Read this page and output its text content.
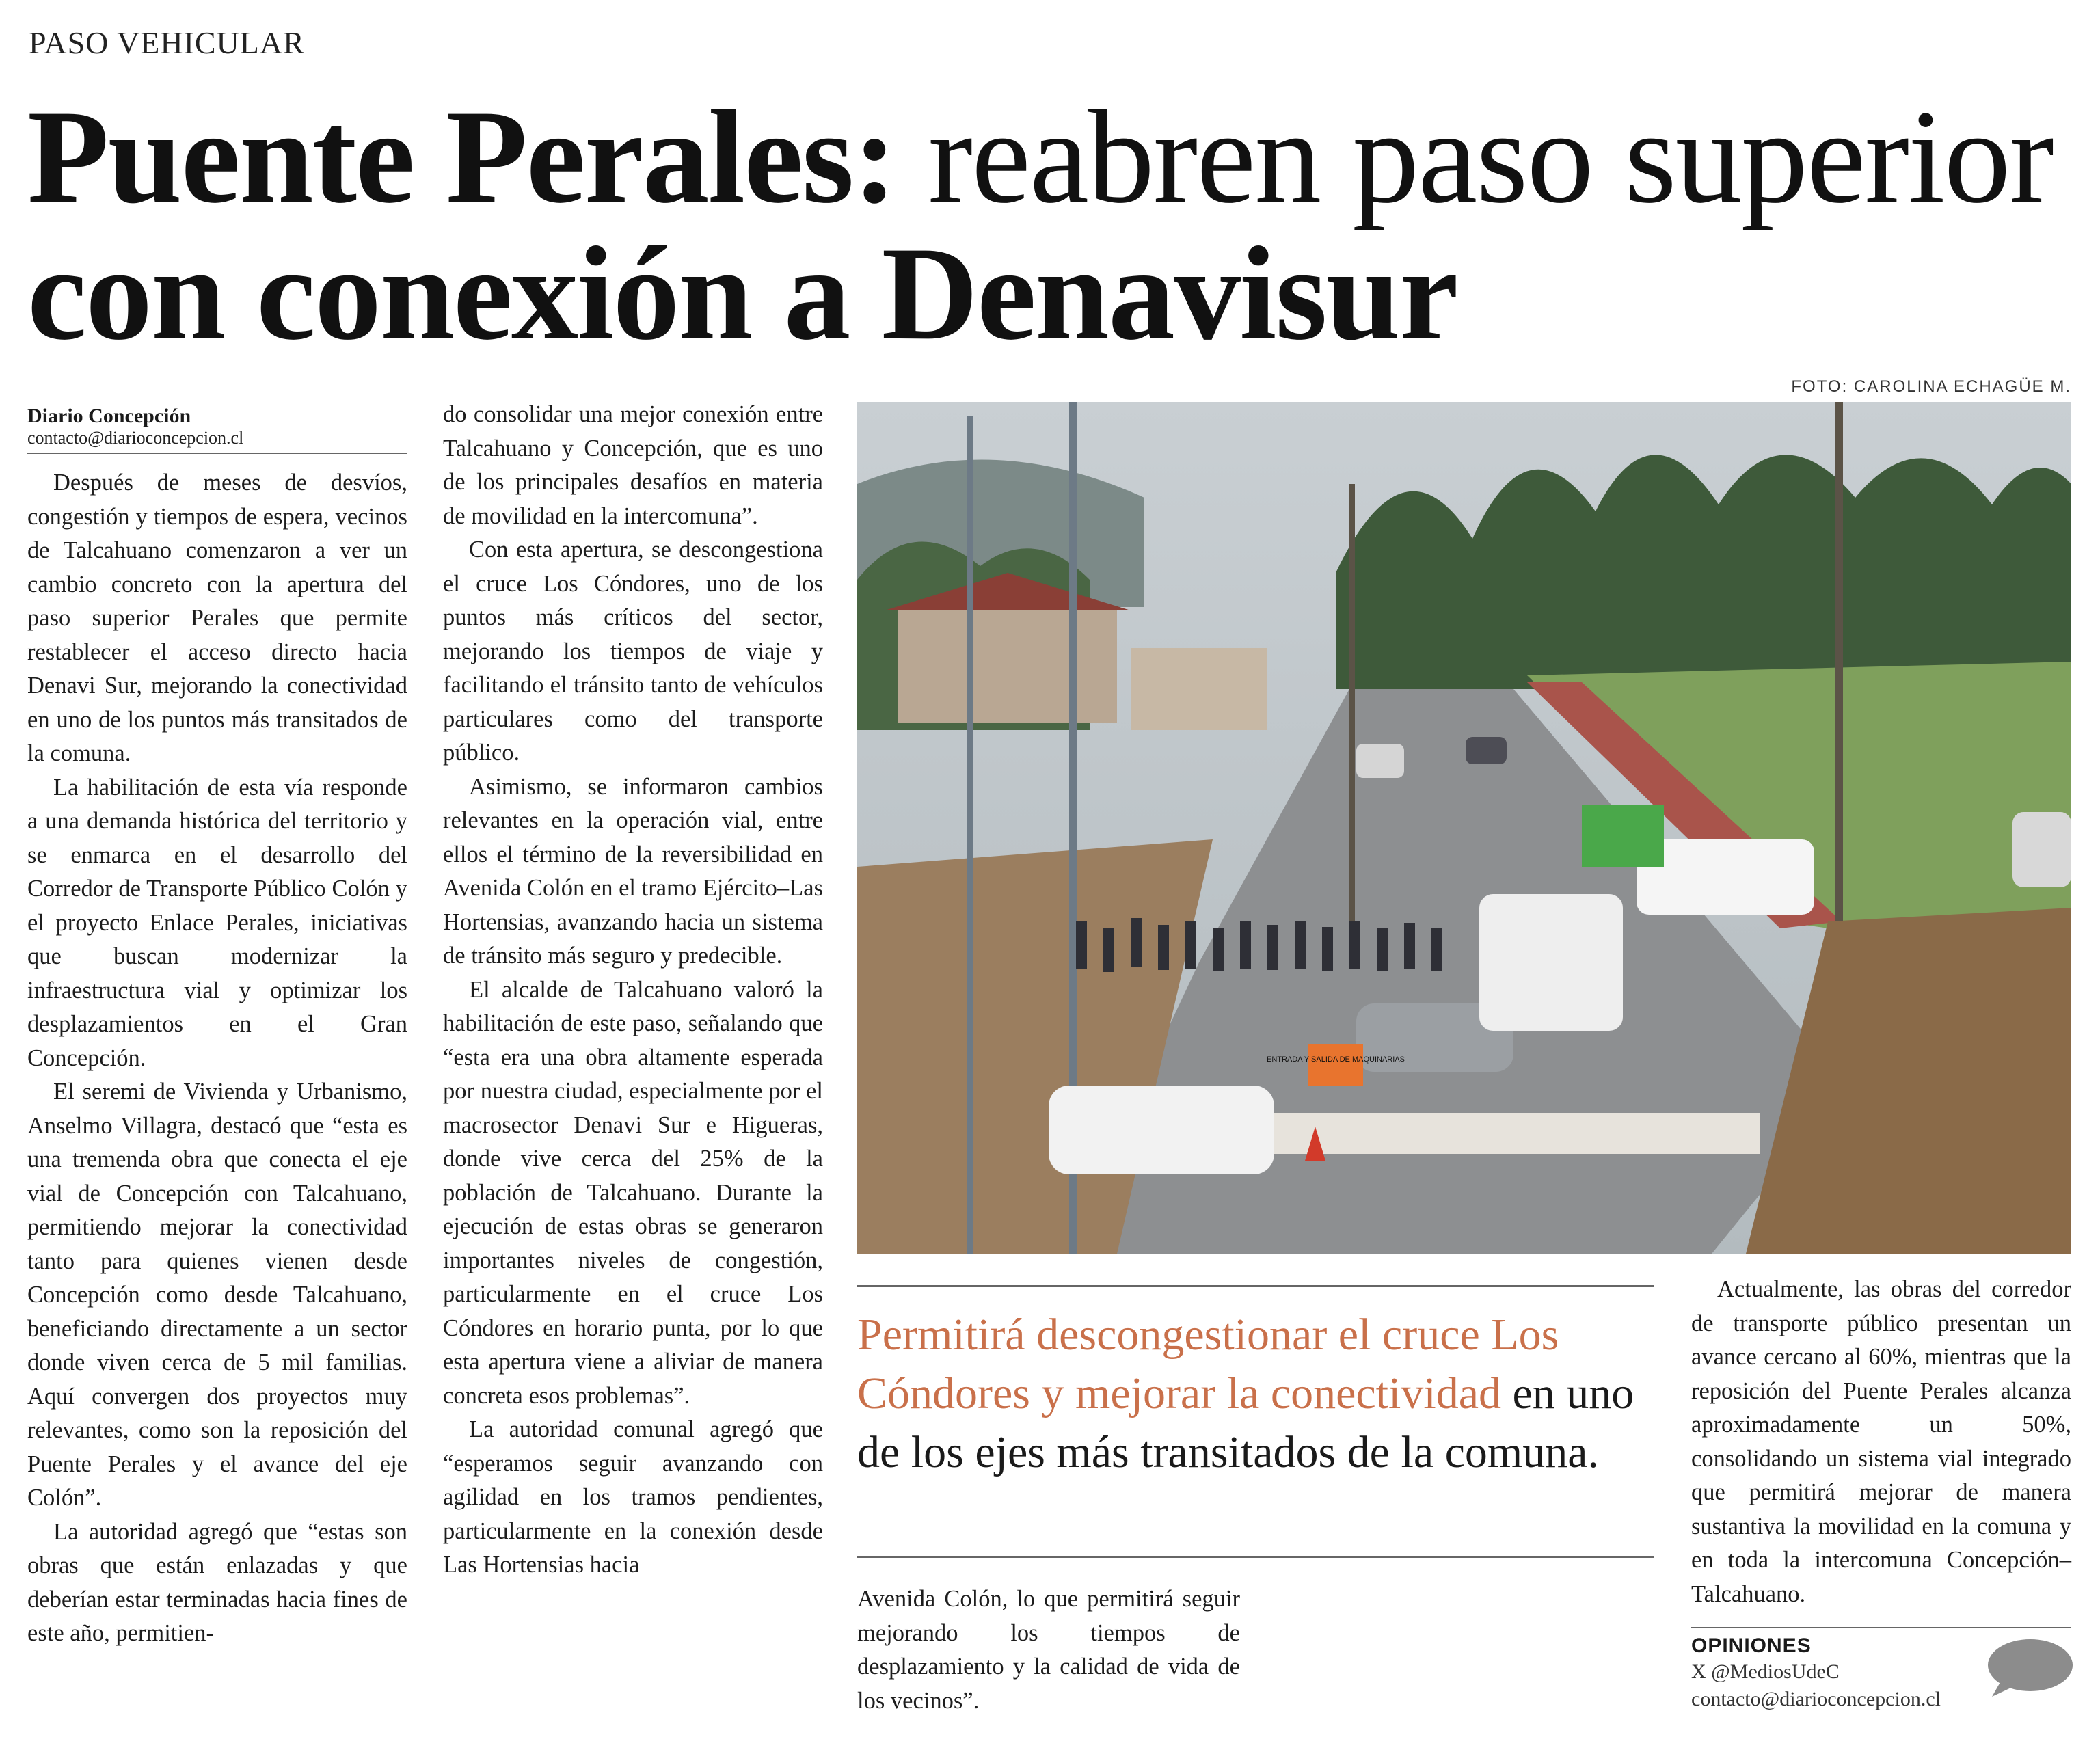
PASO VEHICULAR
Puente Perales: reabren paso superior
con conexión a Denavisur
FOTO: CAROLINA ECHAGÜE M.
Diario Concepción
contacto@diarioconcepcion.cl

Después de meses de desvíos, congestión y tiempos de espera, vecinos de Talcahuano comenzaron a ver un cambio concreto con la apertura del paso superior Perales que permite restablecer el acceso directo hacia Denavi Sur, mejorando la conectividad en uno de los puntos más transitados de la comuna.

La habilitación de esta vía responde a una demanda histórica del territorio y se enmarca en el desarrollo del Corredor de Transporte Público Colón y el proyecto Enlace Perales, iniciativas que buscan modernizar la infraestructura vial y optimizar los desplazamientos en el Gran Concepción.

El seremi de Vivienda y Urbanismo, Anselmo Villagra, destacó que “esta es una tremenda obra que conecta el eje vial de Concepción con Talcahuano, permitiendo mejorar la conectividad tanto para quienes vienen desde Concepción como desde Talcahuano, beneficiando directamente a un sector donde viven cerca de 5 mil familias. Aquí convergen dos proyectos muy relevantes, como son la reposición del Puente Perales y el avance del eje Colón”.

La autoridad agregó que “estas son obras que están enlazadas y que deberían estar terminadas hacia fines de este año, permitien-

do consolidar una mejor conexión entre Talcahuano y Concepción, que es uno de los principales desafíos en materia de movilidad en la intercomuna”.

Con esta apertura, se descongestiona el cruce Los Cóndores, uno de los puntos más críticos del sector, mejorando los tiempos de viaje y facilitando el tránsito tanto de vehículos particulares como del transporte público.

Asimismo, se informaron cambios relevantes en la operación vial, entre ellos el término de la reversibilidad en Avenida Colón en el tramo Ejército–Las Hortensias, avanzando hacia un sistema de tránsito más seguro y predecible.

El alcalde de Talcahuano valoró la habilitación de este paso, señalando que “esta era una obra altamente esperada por nuestra ciudad, especialmente por el macrosector Denavi Sur e Higueras, donde vive cerca del 25% de la población de Talcahuano. Durante la ejecución de estas obras se generaron importantes niveles de congestión, particularmente en el cruce Los Cóndores en horario punta, por lo que esta apertura viene a aliviar de manera concreta esos problemas”.

La autoridad comunal agregó que “esperamos seguir avanzando con agilidad en los tramos pendientes, particularmente en la conexión desde Las Hortensias hacia

ENTRADA Y SALIDA DE MAQUINARIAS
Permitirá descongestionar el cruce Los Cóndores y mejorar la conectividad en uno de los ejes más transitados de la comuna.

Avenida Colón, lo que permitirá seguir mejorando los tiempos de desplazamiento y la calidad de vida de los vecinos”.

Actualmente, las obras del corredor de transporte público presentan un avance cercano al 60%, mientras que la reposición del Puente Perales alcanza aproximadamente un 50%, consolidando un sistema vial integrado que permitirá mejorar de manera sustantiva la movilidad en la comuna y en toda la intercomuna Concepción–Talcahuano.

OPINIONES
X @MediosUdeC
contacto@diarioconcepcion.cl
